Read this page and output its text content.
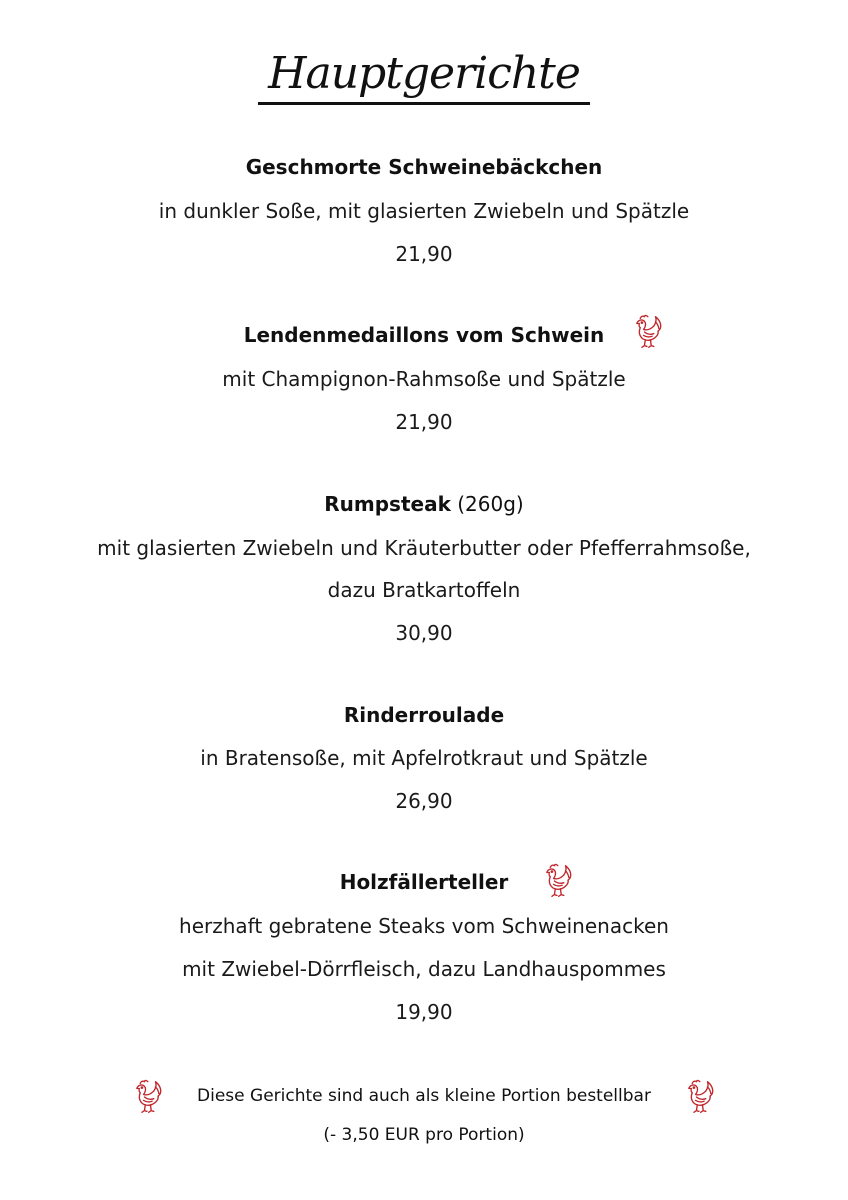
Hauptgerichte
Geschmorte Schweinebäckchen
in dunkler Soße, mit glasierten Zwiebeln und Spätzle
21,90
Lendenmedaillons vom Schwein
mit Champignon-Rahmsoße und Spätzle
21,90
Rumpsteak (260g)
mit glasierten Zwiebeln und Kräuterbutter oder Pfefferrahmsoße,
dazu Bratkartoffeln
30,90
Rinderroulade
in Bratensoße, mit Apfelrotkraut und Spätzle
26,90
Holzfällerteller
herzhaft gebratene Steaks vom Schweinenacken
mit Zwiebel-Dörrfleisch, dazu Landhauspommes
19,90
Diese Gerichte sind auch als kleine Portion bestellbar
(- 3,50 EUR pro Portion)
